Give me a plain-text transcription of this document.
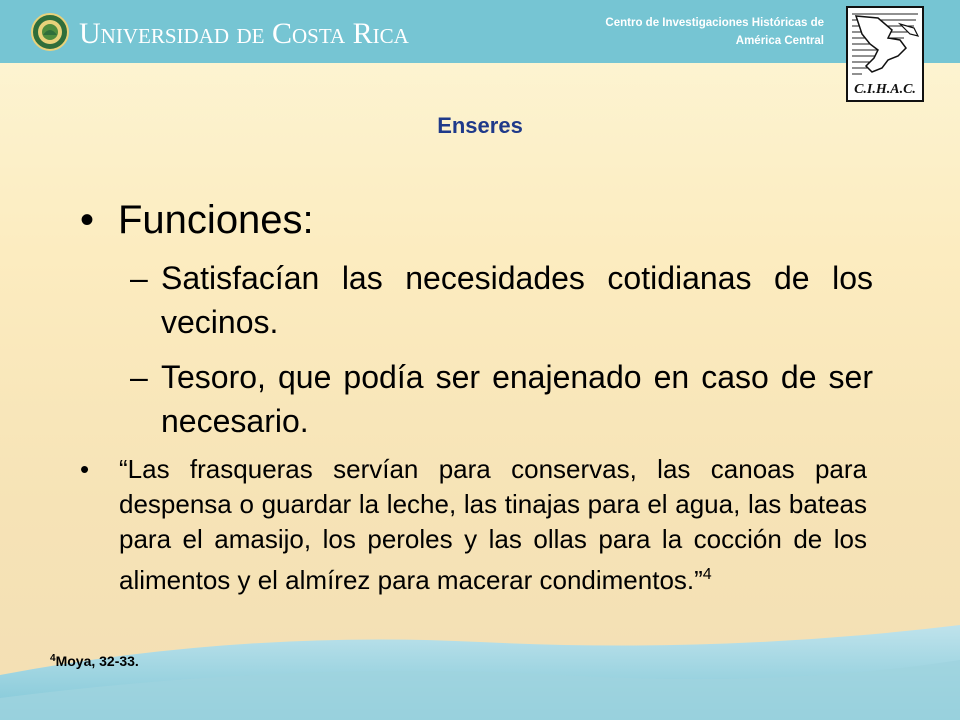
Universidad de Costa Rica	Centro de Investigaciones Históricas de
América Central
C.I.H.A.C.
Enseres
• Funciones:
– Satisfacían las necesidades cotidianas de los vecinos.
– Tesoro, que podía ser enajenado en caso de ser necesario.
• “Las frasqueras servían para conservas, las canoas para despensa o guardar la leche, las tinajas para el agua, las bateas para el amasijo, los peroles y las ollas para la cocción de los alimentos y el almírez para macerar condimentos.”$^4$
$^4$Moya, 32-33.
